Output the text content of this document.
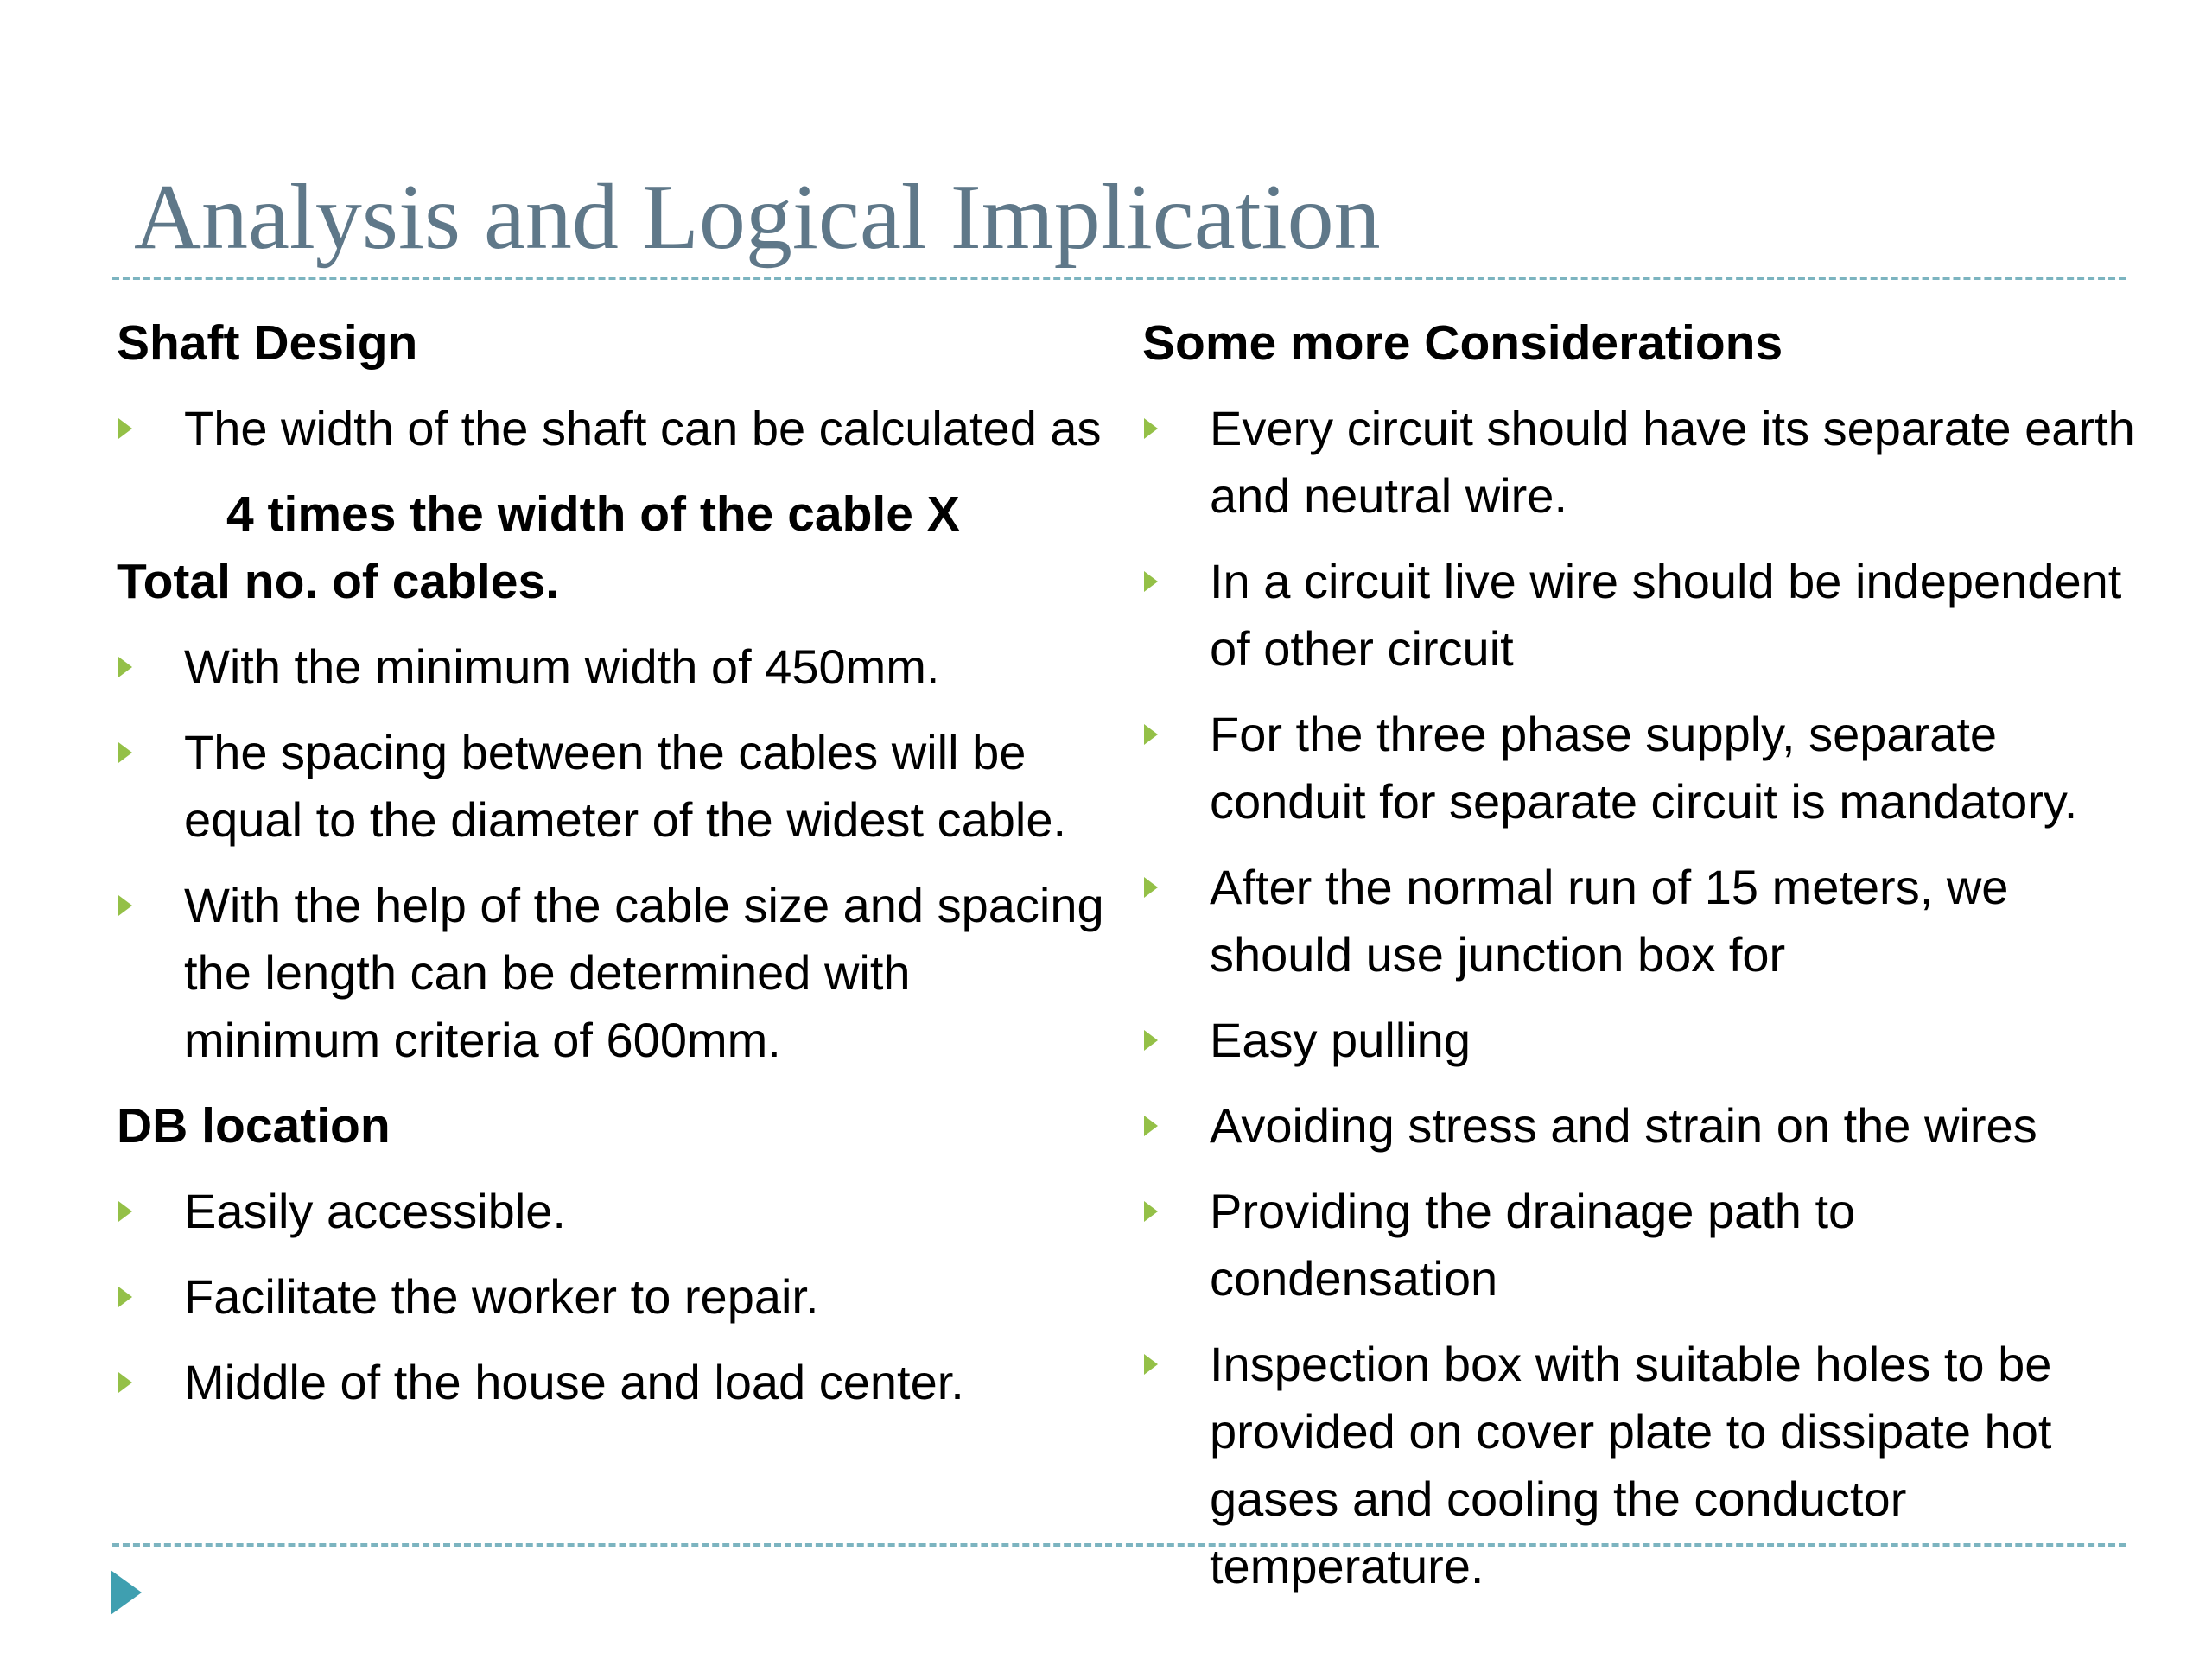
Analysis and Logical Implication
Shaft Design
The width of the shaft can be calculated as

4 times the width of the cable X
Total no. of cables.

With the minimum width of 450mm.
The spacing between the cables will be equal to the diameter of the widest cable.
With the help of the cable size and spacing the length can be determined with minimum criteria of 600mm.
DB location
Easily accessible.
Facilitate the worker to repair.
Middle of the house and load center.
Some more Considerations
Every circuit should have its separate earth and neutral wire.
In a circuit live wire should be independent of other circuit
For the three phase supply, separate conduit for separate circuit is mandatory.
After the normal run of 15 meters, we should use junction box for
Easy pulling
Avoiding stress and strain on the wires
Providing the drainage path to condensation
Inspection box with suitable holes to be provided on cover plate to dissipate hot gases and cooling the conductor temperature.
